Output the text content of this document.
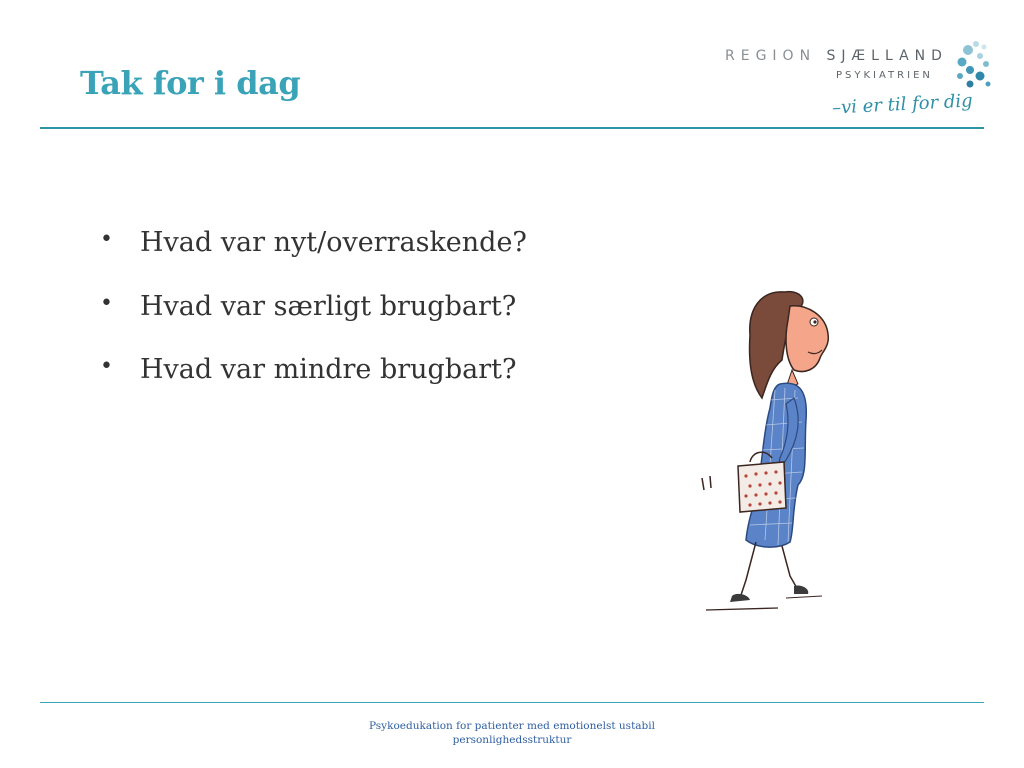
Tak for i dag
REGION SJÆLLAND
PSYKIATRIEN
–vi er til for dig
• Hvad var nyt/overraskende?
• Hvad var særligt brugbart?
• Hvad var mindre brugbart?
Psykoedukation for patienter med emotionelst ustabil
personlighedsstruktur
